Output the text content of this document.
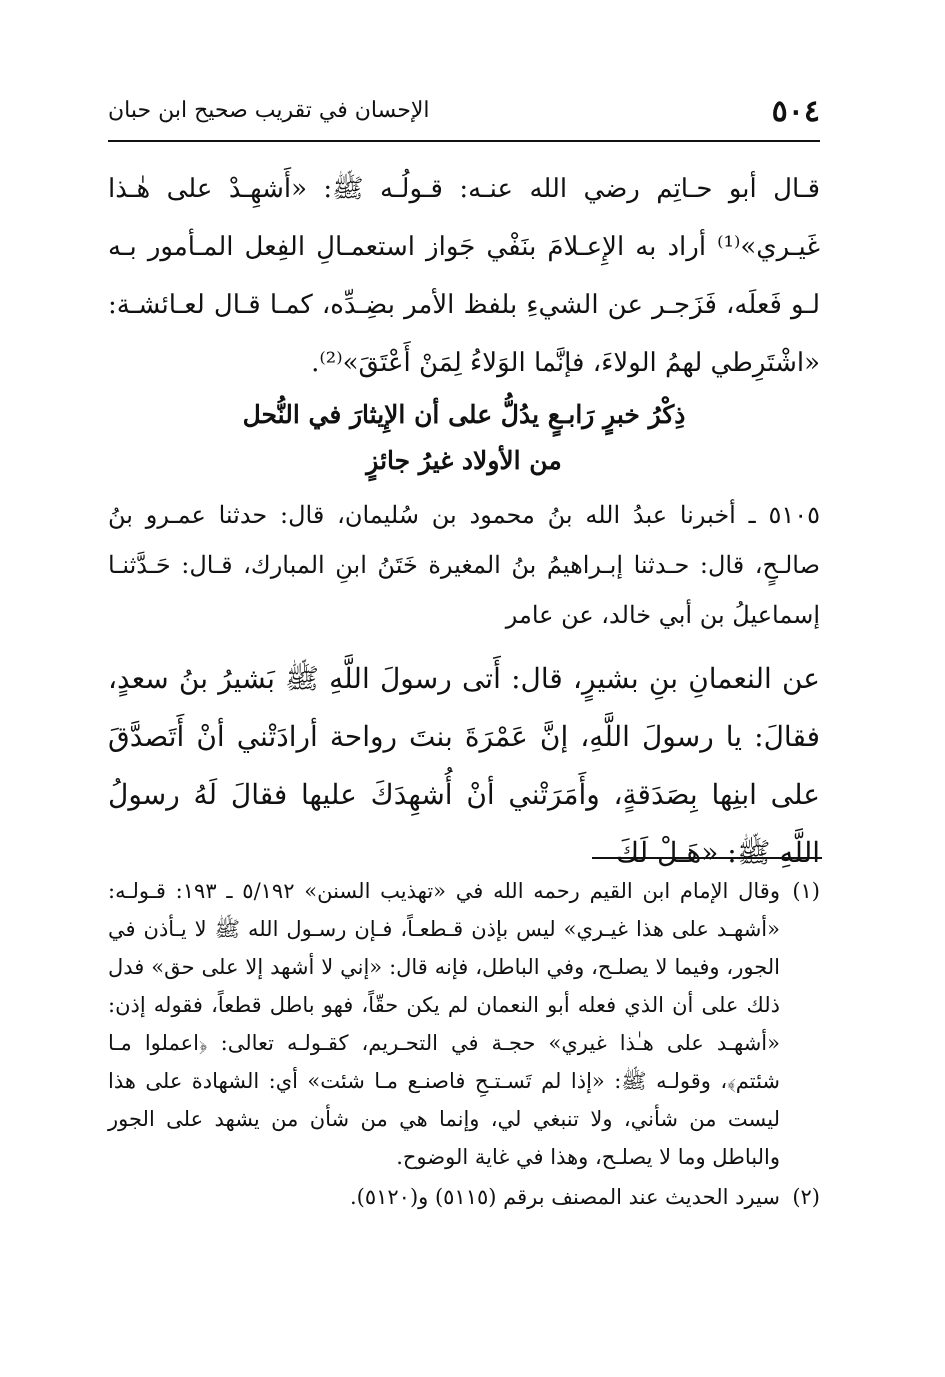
٥٠٤
الإحسان في تقريب صحيح ابن حبان
قـال أبو حـاتِم رضي الله عنـه: قـولُـه ﷺ: «أَشهِـدْ على هٰـذا غَيـري»⁽¹⁾ أراد به الإِعـلامَ بنَفْي جَواز استعمـالِ الفِعل المـأمور بـه لـو فَعلَه، فَزَجـر عن الشيءِ بلفظ الأمر بضِـدِّه، كمـا قـال لعـائشـة: «اشْتَرِطي لهمُ الولاءَ، فإنَّما الوَلاءُ لِمَنْ أَعْتَقَ»⁽²⁾.
ذِكْرُ خبرٍ رَابـعٍ يدُلُّ على أن الإِيثارَ في النُّحل
من الأولاد غيرُ جائزٍ
٥١٠٥ ـ أخبرنا عبدُ الله بنُ محمود بن سُليمان، قال: حدثنا عمـرو بنُ صالـحٍ، قال: حـدثنا إبـراهيمُ بنُ المغيرة خَتَنُ ابنِ المبارك، قـال: حَـدَّثنـا إسماعيلُ بن أبي خالد، عن عامر
عن النعمانِ بنِ بشيرٍ، قال: أَتى رسولَ اللَّهِ ﷺ بَشيرُ بنُ سعدٍ، فقالَ: يا رسولَ اللَّهِ، إنَّ عَمْرَةَ بنتَ رواحة أرادَتْني أنْ أَتَصدَّقَ على ابنِها بِصَدَقةٍ، وأَمَرَتْني أنْ أُشهِدَكَ عليها فقالَ لَهُ رسولُ اللَّهِ ﷺ: «هَـلْ لَكَ
(١)
وقال الإمام ابن القيم رحمه الله في «تهذيب السنن» ٥/١٩٢ ـ ١٩٣: قـولـه: «أشهـد على هذا غيـري» ليس بإذن قـطعـاً، فـإن رسـول الله ﷺ لا يـأذن في الجور، وفيما لا يصلـح، وفي الباطل، فإنه قال: «إني لا أشهد إلا على حق» فدل ذلك على أن الذي فعله أبو النعمان لم يكن حقّاً، فهو باطل قطعاً، فقوله إذن: «أشهـد على هـٰذا غيري» حجـة في التحـريم، كقـولـه تعالى: ﴿اعملوا مـا شئتم﴾، وقولـه ﷺ: «إذا لم تَسـتـحِ فاصنـع مـا شئت» أي: الشهادة على هذا ليست من شأني، ولا تنبغي لي، وإنما هي من شأن من يشهد على الجور والباطل وما لا يصلـح، وهذا في غاية الوضوح.
(٢)
سيرد الحديث عند المصنف برقم (٥١١٥) و(٥١٢٠).
